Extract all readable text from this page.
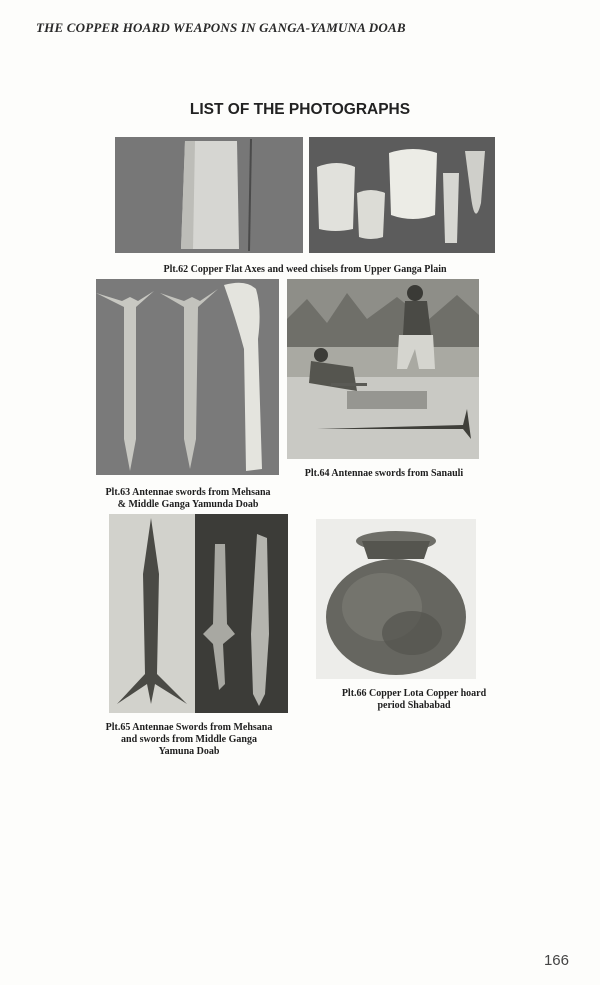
THE COPPER HOARD WEAPONS IN GANGA-YAMUNA DOAB
LIST OF THE PHOTOGRAPHS
Plt.62 Copper Flat Axes and weed chisels from Upper Ganga Plain
Plt.64 Antennae swords from Sanauli
Plt.63 Antennae swords from Mehsana
& Middle Ganga Yamunda Doab
Plt.65 Antennae Swords from Mehsana
and swords from Middle Ganga
Yamuna Doab
Plt.66 Copper Lota Copper hoard
period Shababad
166
